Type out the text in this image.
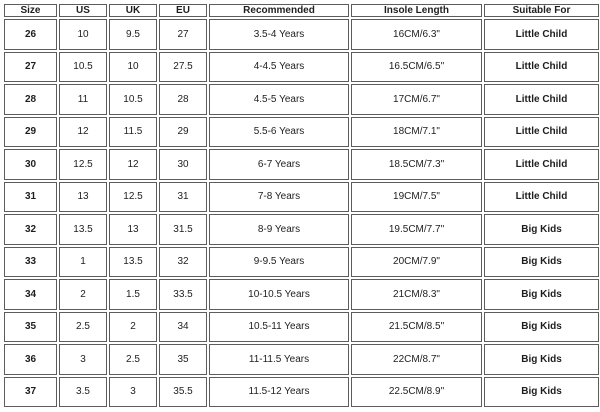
Size	US	UK	EU	Recommended	Insole Length	Suitable For
26	10	9.5	27	3.5-4 Years	16CM/6.3"	Little Child
27	10.5	10	27.5	4-4.5 Years	16.5CM/6.5"	Little Child
28	11	10.5	28	4.5-5 Years	17CM/6.7"	Little Child
29	12	11.5	29	5.5-6 Years	18CM/7.1"	Little Child
30	12.5	12	30	6-7 Years	18.5CM/7.3"	Little Child
31	13	12.5	31	7-8 Years	19CM/7.5"	Little Child
32	13.5	13	31.5	8-9 Years	19.5CM/7.7"	Big Kids
33	1	13.5	32	9-9.5 Years	20CM/7.9"	Big Kids
34	2	1.5	33.5	10-10.5 Years	21CM/8.3"	Big Kids
35	2.5	2	34	10.5-11 Years	21.5CM/8.5"	Big Kids
36	3	2.5	35	11-11.5 Years	22CM/8.7"	Big Kids
37	3.5	3	35.5	11.5-12 Years	22.5CM/8.9"	Big Kids
